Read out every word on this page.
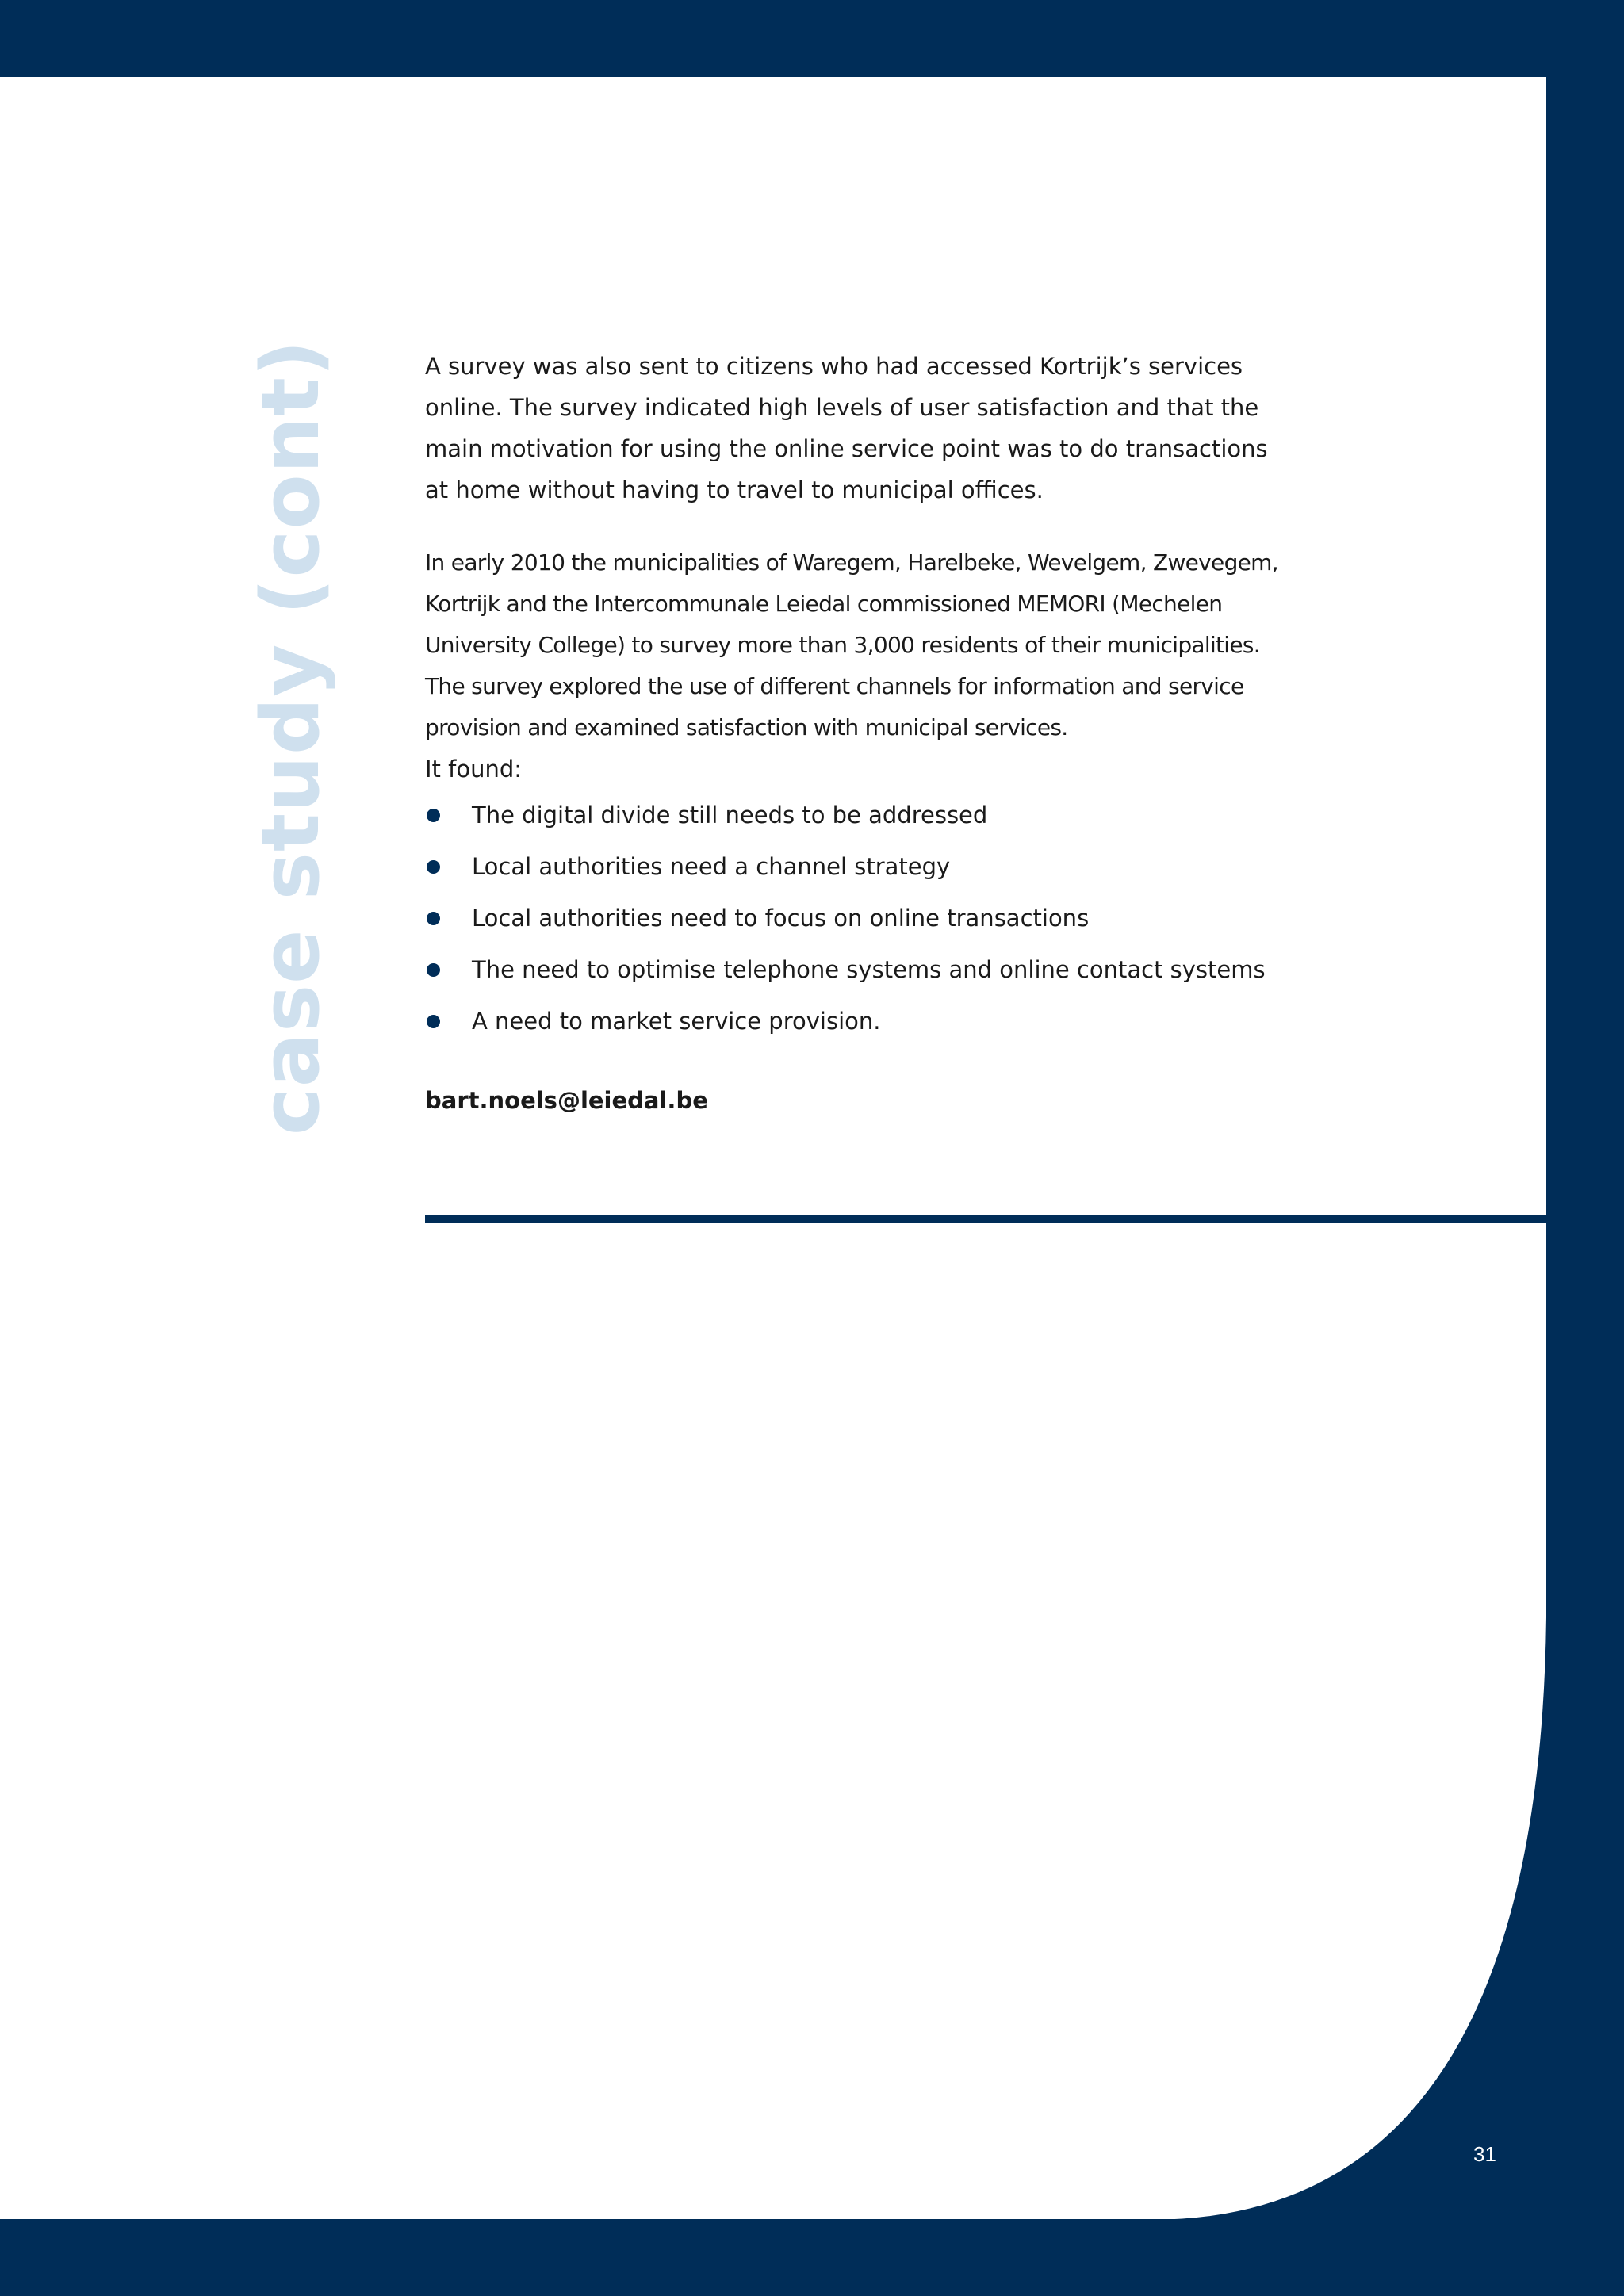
case study (cont)	A survey was also sent to citizens who had accessed Kortrijk’s services online. The survey indicated high levels of user satisfaction and that the main motivation for using the online service point was to do transactions at home without having to travel to municipal offices.

In early 2010 the municipalities of Waregem, Harelbeke, Wevelgem, Zwevegem, Kortrijk and the Intercommunale Leiedal commissioned MEMORI (Mechelen University College) to survey more than 3,000 residents of their municipalities. The survey explored the use of different channels for information and service provision and examined satisfaction with municipal services.

It found:

The digital divide still needs to be addressed
Local authorities need a channel strategy
Local authorities need to focus on online transactions
The need to optimise telephone systems and online contact systems
A need to market service provision.
bart.noels@leiedal.be
31
